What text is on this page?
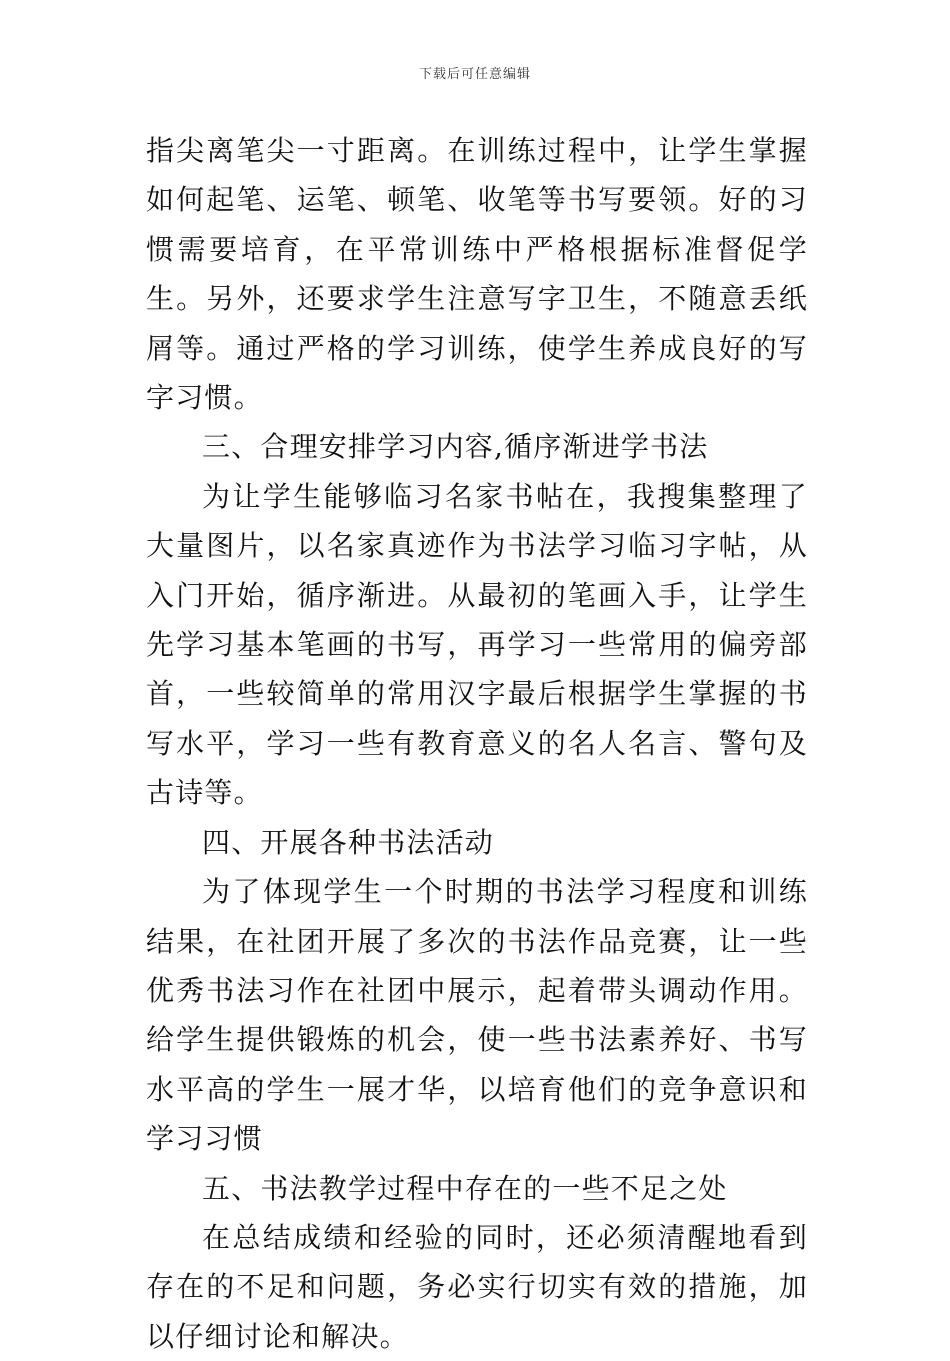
下载后可任意编辑

指尖离笔尖一寸距离。在训练过程中，让学生掌握如何起笔、运笔、顿笔、收笔等书写要领。好的习惯需要培育，在平常训练中严格根据标准督促学生。另外，还要求学生注意写字卫生，不随意丢纸屑等。通过严格的学习训练，使学生养成良好的写字习惯。

三、合理安排学习内容,循序渐进学书法

为让学生能够临习名家书帖在，我搜集整理了大量图片，以名家真迹作为书法学习临习字帖，从入门开始，循序渐进。从最初的笔画入手，让学生先学习基本笔画的书写，再学习一些常用的偏旁部首，一些较简单的常用汉字最后根据学生掌握的书写水平，学习一些有教育意义的名人名言、警句及古诗等。

四、开展各种书法活动

为了体现学生一个时期的书法学习程度和训练结果，在社团开展了多次的书法作品竞赛，让一些优秀书法习作在社团中展示，起着带头调动作用。给学生提供锻炼的机会，使一些书法素养好、书写水平高的学生一展才华，以培育他们的竞争意识和学习习惯

五、书法教学过程中存在的一些不足之处

在总结成绩和经验的同时，还必须清醒地看到存在的不足和问题，务必实行切实有效的措施，加以仔细讨论和解决。
